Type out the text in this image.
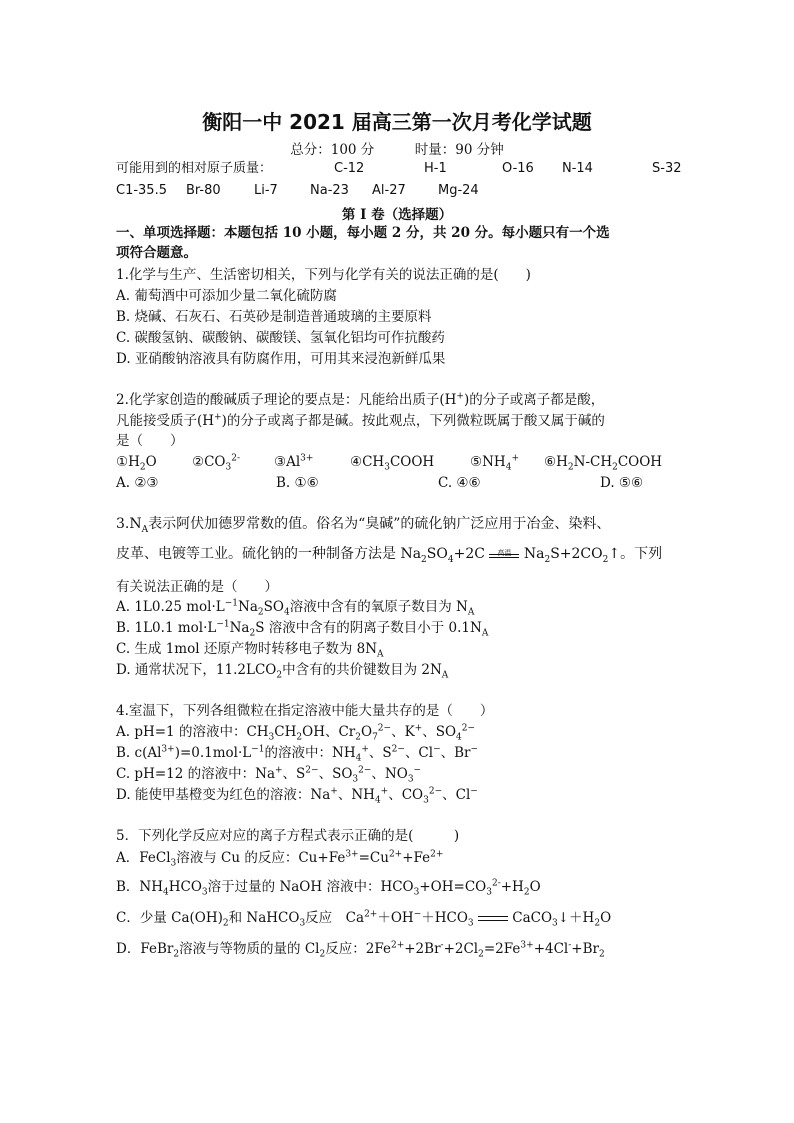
衡阳一中 2021 届高三第一次月考化学试题
总分：100 分　　　时量：90 分钟
可能用到的相对原子质量：	C-12	H-1	O-16 N-14	S-32
C1-35.5 Br-80	Li-7 Na-23 Al-27 Mg-24
第 I 卷（选择题）
一、单项选择题：本题包括 10 小题，每小题 2 分，共 20 分。每小题只有一个选
项符合题意。
1.化学与生产、生活密切相关，下列与化学有关的说法正确的是(　　)
A. 葡萄酒中可添加少量二氧化硫防腐
B. 烧碱、石灰石、石英砂是制造普通玻璃的主要原料
C. 碳酸氢钠、碳酸钠、碳酸镁、氢氧化铝均可作抗酸药
D. 亚硝酸钠溶液具有防腐作用，可用其来浸泡新鲜瓜果
2.化学家创造的酸碱质子理论的要点是：凡能给出质子(H+)的分子或离子都是酸，
凡能接受质子(H+)的分子或离子都是碱。按此观点，下列微粒既属于酸又属于碱的
是（　　）
$①H_2O$	$②CO_3^{2-}$	$③Al^{3+}$	$④CH_3COOH$	$⑤NH_4^+$ $⑥H_2N-CH_2COOH$
A. ②③	B. ①⑥	C. ④⑥	D. ⑤⑥
$3.N_A$表示阿伏加德罗常数的值。俗名为“臭碱”的硫化钠广泛应用于冶金、染料、
皮革、电镀等工业。硫化钠的一种制备方法是 $Na_2SO_4+2C$	高温 $Na_2S+2CO_2↑$。下列
有关说法正确的是（　　）
A. 1L0.25 $mol\cdot L^{-1}Na_2SO_4$溶液中含有的氧原子数目为 $N_A$
B. 1L0.1 $mol\cdot L^{-1}Na_2S$ 溶液中含有的阴离子数目小于 $0.1N_A$
C. 生成 1mol 还原产物时转移电子数为 $8N_A$
D. 通常状况下，$11.2LCO_2$中含有的共价键数目为 $2N_A$
4.室温下，下列各组微粒在指定溶液中能大量共存的是（　　）
A. pH=1 的溶液中：$CH_3CH_2OH$、$Cr_2O_7^{2-}$、K+、$SO_4^{2-}$
B. $c(Al^{3+})=0.1mol\cdot L^{-1}$的溶液中：$NH_4^+$、$S^{2-}$、Cl−、Br−
C. pH=12 的溶液中：Na+、$S^{2-}$、$SO_3^{2-}$、$NO_3^-$
D. 能使甲基橙变为红色的溶液：Na+、$NH_4^+$、$CO_3^{2-}$、Cl−
5．下列化学反应对应的离子方程式表示正确的是(　　　)
A．FeCl$_3$溶液与 Cu 的反应：$Cu+Fe^{3+}=Cu^{2+}+Fe^{2+}$
B．$NH_4HCO_3$溶于过量的 NaOH 溶液中：$HCO_3+OH=CO_3^{2-}+H_2O$
C．少量 $Ca(OH)_2$和 NaHCO$_3$反应　$Ca^{2+}+OH^-+HCO_3$	$CaCO_3↓+H_2O$
D．FeBr$_2$溶液与等物质的量的 $Cl_2$反应：$2Fe^{2+}+2Br^-+2Cl_2=2Fe^{3+}+4Cl^-+Br_2$
